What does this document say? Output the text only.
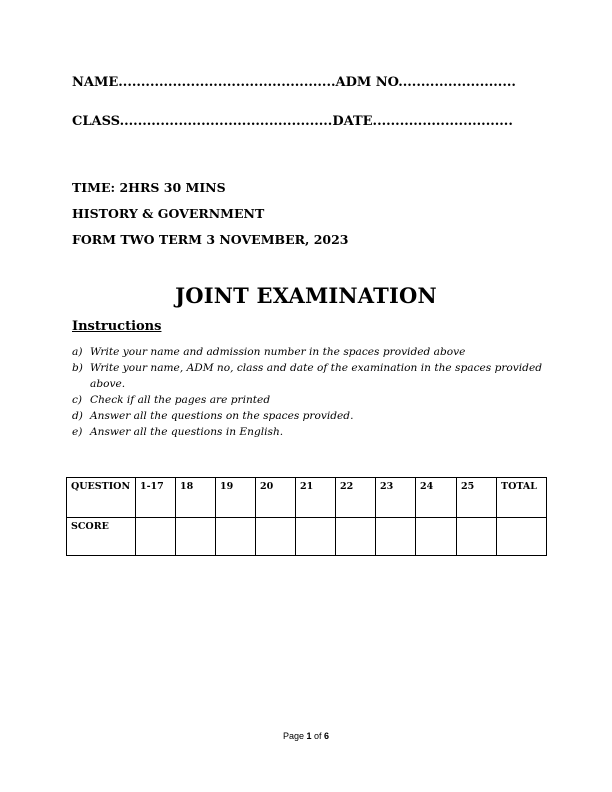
NAME................................................ADM NO..........................
CLASS...............................................DATE...............................
TIME: 2HRS 30 MINS
HISTORY & GOVERNMENT
FORM TWO TERM 3 NOVEMBER, 2023
JOINT EXAMINATION
Instructions
a) Write your name and admission number in the spaces provided above
b) Write your name, ADM no, class and date of the examination in the spaces provided above.
c) Check if all the pages are printed
d) Answer all the questions on the spaces provided.
e) Answer all the questions in English.
QUESTION	1-17	18	19	20	21	22	23	24	25	TOTAL
SCORE										
Page 1 of 6
